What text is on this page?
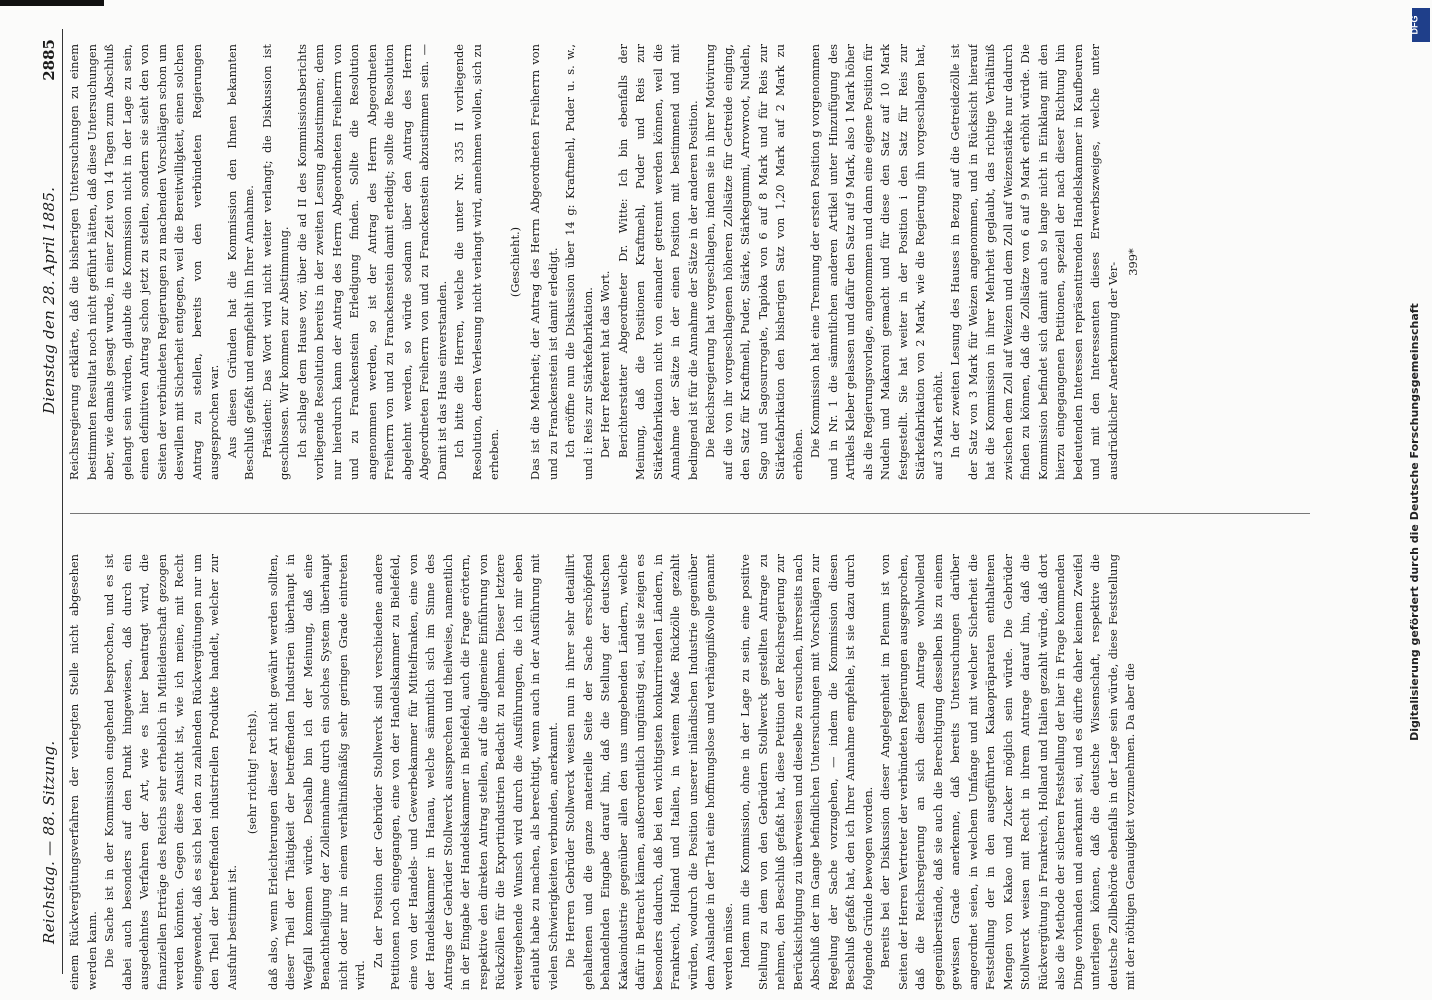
Reichstag. — 88. Sitzung.
Dienstag den 28. April 1885.
2885

einem Rückvergütungsverfahren der verlegten Stelle nicht abgesehen werden kann. Die Sache ist in der Kommission eingehend besprochen, und es ist dabei auch besonders auf den Punkt hingewiesen, daß durch ein ausgedehntes Verfahren der Art, wie es hier beantragt wird, die finanziellen Erträge des Reichs sehr erheblich in Mitleidenschaft gezogen werden könnten. Gegen diese Ansicht ist, wie ich meine, mit Recht eingewendet, daß es sich bei den zu zahlenden Rückvergütungen nur um den Theil der betreffenden industriellen Produkte handelt, welcher zur Ausfuhr bestimmt ist.

(sehr richtig! rechts). daß also, wenn Erleichterungen dieser Art nicht gewährt werden sollten, dieser Theil der Thätigkeit der betreffenden Industrien überhaupt in Wegfall kommen würde. Deshalb bin ich der Meinung, daß eine Benachtheiligung der Zolleinnahme durch ein solches System überhaupt nicht oder nur in einem verhältnißmäßig sehr geringen Grade eintreten wird.

Zu der Position der Gebrüder Stollwerck sind verschiedene andere Petitionen noch eingegangen, eine von der Handelskammer zu Bielefeld, eine von der Handels- und Gewerbekammer für Mittelfranken, eine von der Handelskammer in Hanau, welche sämmtlich sich im Sinne des Antrags der Gebrüder Stollwerck aussprechen und theilweise, namentlich in der Eingabe der Handelskammer in Bielefeld, auch die Frage erörtern, respektive den direkten Antrag stellen, auf die allgemeine Einführung von Rückzöllen für die Exportindustrien Bedacht zu nehmen. Dieser letztere weitergehende Wunsch wird durch die Ausführungen, die ich mir eben erlaubt habe zu machen, als berechtigt, wenn auch in der Ausführung mit vielen Schwierigkeiten verbunden, anerkannt. Die Herren Gebrüder Stollwerck weisen nun in ihrer sehr detaillirt gehaltenen und die ganze materielle Seite der Sache erschöpfend behandelnden Eingabe darauf hin, daß die Stellung der deutschen Kakaoindustrie gegenüber allen den uns umgebenden Ländern, welche dafür in Betracht kämen, außerordentlich ungünstig sei, und sie zeigen es besonders dadurch, daß bei den wichtigsten konkurrirenden Ländern, in Frankreich, Holland und Italien, in weitem Maße Rückzölle gezahlt würden, wodurch die Position unserer inländischen Industrie gegenüber dem Auslande in der That eine hoffnungslose und verhängnißvolle genannt werden müsse. Indem nun die Kommission, ohne in der Lage zu sein, eine positive Stellung zu dem von den Gebrüdern Stollwerck gestellten Antrage zu nehmen, den Beschluß gefaßt hat, diese Petition der Reichsregierung zur Berücksichtigung zu überweisen und dieselbe zu ersuchen, ihrerseits nach Abschluß der im Gange befindlichen Untersuchungen mit Vorschlägen zur Regelung der Sache vorzugehen, — indem die Kommission diesen Beschluß gefaßt hat, den ich Ihrer Annahme empfehle, ist sie dazu durch folgende Gründe bewogen worden. Bereits bei der Diskussion dieser Angelegenheit im Plenum ist von Seiten der Herren Vertreter der verbündeten Regierungen ausgesprochen, daß die Reichsregierung an sich diesem Antrage wohlwollend gegenüberstände, daß sie auch die Berechtigung desselben bis zu einem gewissen Grade anerkenne, daß bereits Untersuchungen darüber angeordnet seien, in welchem Umfange und mit welcher Sicherheit die Feststellung der in den ausgeführten Kakaopräparaten enthaltenen Mengen von Kakao und Zucker möglich sein würde. Die Gebrüder Stollwerck weisen mit Recht in ihrem Antrage darauf hin, daß die Rückvergütung in Frankreich, Holland und Italien gezahlt würde, daß dort also die Methode der sicheren Feststellung der hier in Frage kommenden Dinge vorhanden und anerkannt sei, und es dürfte daher keinem Zweifel unterliegen können, daß die deutsche Wissenschaft, respektive die deutsche Zollbehörde ebenfalls in der Lage sein würde, diese Feststellung mit der nöthigen Genauigkeit vorzunehmen. Da aber die

Reichsregierung erklärte, daß die bisherigen Untersuchungen zu einem bestimmten Resultat noch nicht geführt hätten, daß diese Untersuchungen aber, wie damals gesagt wurde, in einer Zeit von 14 Tagen zum Abschluß gelangt sein würden, glaubte die Kommission nicht in der Lage zu sein, einen definitiven Antrag schon jetzt zu stellen, sondern sie sieht den von Seiten der verbündeten Regierungen zu machenden Vorschlägen schon um deswillen mit Sicherheit entgegen, weil die Bereitwilligkeit, einen solchen Antrag zu stellen, bereits von den verbündeten Regierungen ausgesprochen war. Aus diesen Gründen hat die Kommission den Ihnen bekannten Beschluß gefaßt und empfiehlt ihn Ihrer Annahme. Präsident: Das Wort wird nicht weiter verlangt; die Diskussion ist geschlossen. Wir kommen zur Abstimmung. Ich schlage dem Hause vor, über die ad II des Kommissionsberichts vorliegende Resolution bereits in der zweiten Lesung abzustimmen; denn nur hierdurch kann der Antrag des Herrn Abgeordneten Freiherrn von und zu Franckenstein Erledigung finden. Sollte die Resolution angenommen werden, so ist der Antrag des Herrn Abgeordneten Freiherrn von und zu Franckenstein damit erledigt; sollte die Resolution abgelehnt werden, so würde sodann über den Antrag des Herrn Abgeordneten Freiherrn von und zu Franckenstein abzustimmen sein. — Damit ist das Haus einverstanden. Ich bitte die Herren, welche die unter Nr. 335 II vorliegende Resolution, deren Verlesung nicht verlangt wird, annehmen wollen, sich zu erheben.

(Geschieht.) Das ist die Mehrheit; der Antrag des Herrn Abgeordneten Freiherrn von und zu Franckenstein ist damit erledigt. Ich eröffne nun die Diskussion über 14 g: Kraftmehl, Puder u. s. w., und i: Reis zur Stärkefabrikation. Der Herr Referent hat das Wort. Berichterstatter Abgeordneter Dr. Witte: Ich bin ebenfalls der Meinung, daß die Positionen Kraftmehl, Puder und Reis zur Stärkefabrikation nicht von einander getrennt werden können, weil die Annahme der Sätze in der einen Position mit bestimmend und mit bedingend ist für die Annahme der Sätze in der anderen Position. Die Reichsregierung hat vorgeschlagen, indem sie in ihrer Motivirung auf die von ihr vorgeschlagenen höheren Zollsätze für Getreide einging, den Satz für Kraftmehl, Puder, Stärke, Stärkegummi, Arrowroot, Nudeln, Sago und Sagosurrogate, Tapioka von 6 auf 8 Mark und für Reis zur Stärkefabrikation den bisherigen Satz von 1,20 Mark auf 2 Mark zu erhöhen. Die Kommission hat eine Trennung der ersten Position g vorgenommen und in Nr. 1 die sämmtlichen anderen Artikel unter Hinzufügung des Artikels Kleber gelassen und dafür den Satz auf 9 Mark, also 1 Mark höher als die Regierungsvorlage, angenommen und dann eine eigene Position für Nudeln und Makaroni gemacht und für diese den Satz auf 10 Mark festgestellt. Sie hat weiter in der Position i den Satz für Reis zur Stärkefabrikation von 2 Mark, wie die Regierung ihn vorgeschlagen hat, auf 3 Mark erhöht. In der zweiten Lesung des Hauses in Bezug auf die Getreidezölle ist der Satz von 3 Mark für Weizen angenommen, und in Rücksicht hierauf hat die Kommission in ihrer Mehrheit geglaubt, das richtige Verhältniß zwischen dem Zoll auf Weizen und dem Zoll auf Weizenstärke nur dadurch finden zu können, daß die Zollsätze von 6 auf 9 Mark erhöht würde. Die Kommission befindet sich damit auch so lange nicht in Einklang mit den hierzu eingegangenen Petitionen, speziell der nach dieser Richtung hin bedeutenden Interessen repräsentirenden Handelskammer in Kaufbeuren und mit den Interessenten dieses Erwerbszweiges, welche unter ausdrücklicher Anerkennung der Ver- 399*

Digitalisierung gefördert durch die Deutsche Forschungsgemeinschaft
DFG
